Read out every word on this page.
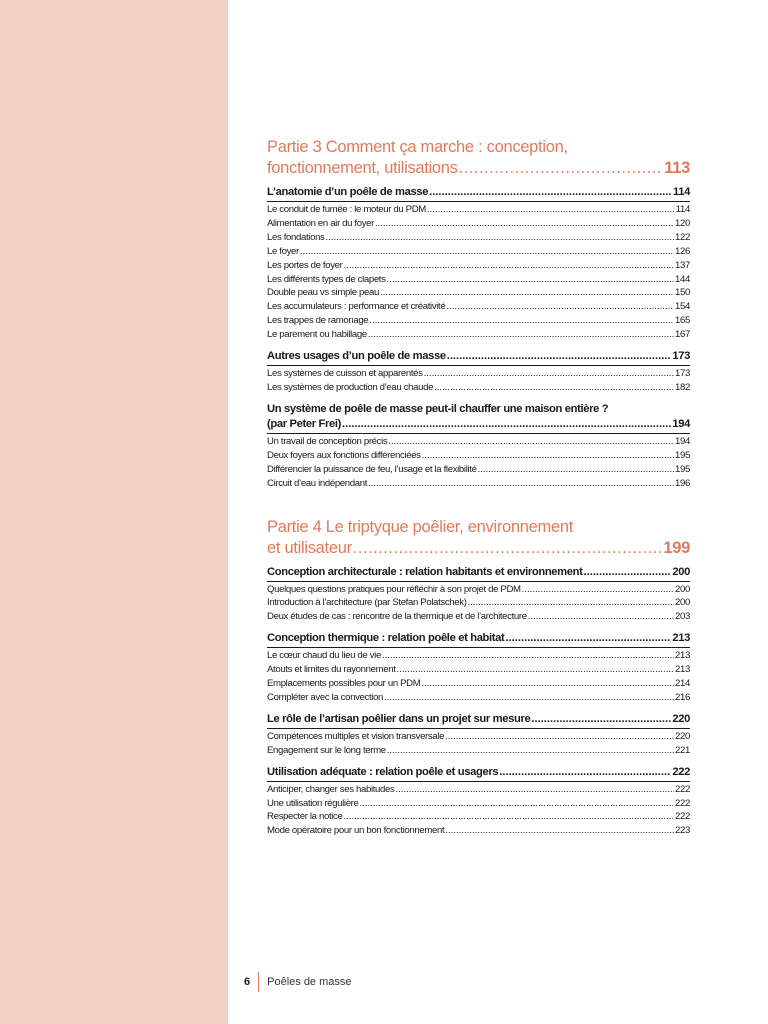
Partie 3 Comment ça marche : conception,
fonctionnement, utilisations .....	113
L’anatomie d’un poêle de masse .....	114
Le conduit de fumée : le moteur du PDM .....	114
Alimentation en air du foyer .....	120
Les fondations .....	122
Le foyer .....	126
Les portes de foyer .....	137
Les différents types de clapets .....	144
Double peau vs simple peau .....	150
Les accumulateurs : performance et créativité .....	154
Les trappes de ramonage .....	165
Le parement ou habillage .....	167
Autres usages d’un poêle de masse .....	173
Les systèmes de cuisson et apparentés .....	173
Les systèmes de production d’eau chaude .....	182
Un système de poêle de masse peut-il chauffer une maison entière ?
(par Peter Frei) .....	194
Un travail de conception précis .....	194
Deux foyers aux fonctions différenciées .....	195
Différencier la puissance de feu, l’usage et la flexibilité .....	195
Circuit d’eau indépendant .....	196
Partie 4 Le triptyque poêlier, environnement
et utilisateur .....	199
Conception architecturale : relation habitants et environnement .....	200
Quelques questions pratiques pour réfléchir à son projet de PDM .....	200
Introduction à l’architecture (par Stefan Polatschek) .....	200
Deux études de cas : rencontre de la thermique et de l’architecture .....	203
Conception thermique : relation poêle et habitat .....	213
Le cœur chaud du lieu de vie .....	213
Atouts et limites du rayonnement .....	213
Emplacements possibles pour un PDM .....	214
Compléter avec la convection .....	216
Le rôle de l’artisan poêlier dans un projet sur mesure .....	220
Compétences multiples et vision transversale .....	220
Engagement sur le long terme .....	221
Utilisation adéquate : relation poêle et usagers .....	222
Anticiper, changer ses habitudes .....	222
Une utilisation régulière .....	222
Respecter la notice .....	222
Mode opératoire pour un bon fonctionnement .....	223
6 Poêles de masse
